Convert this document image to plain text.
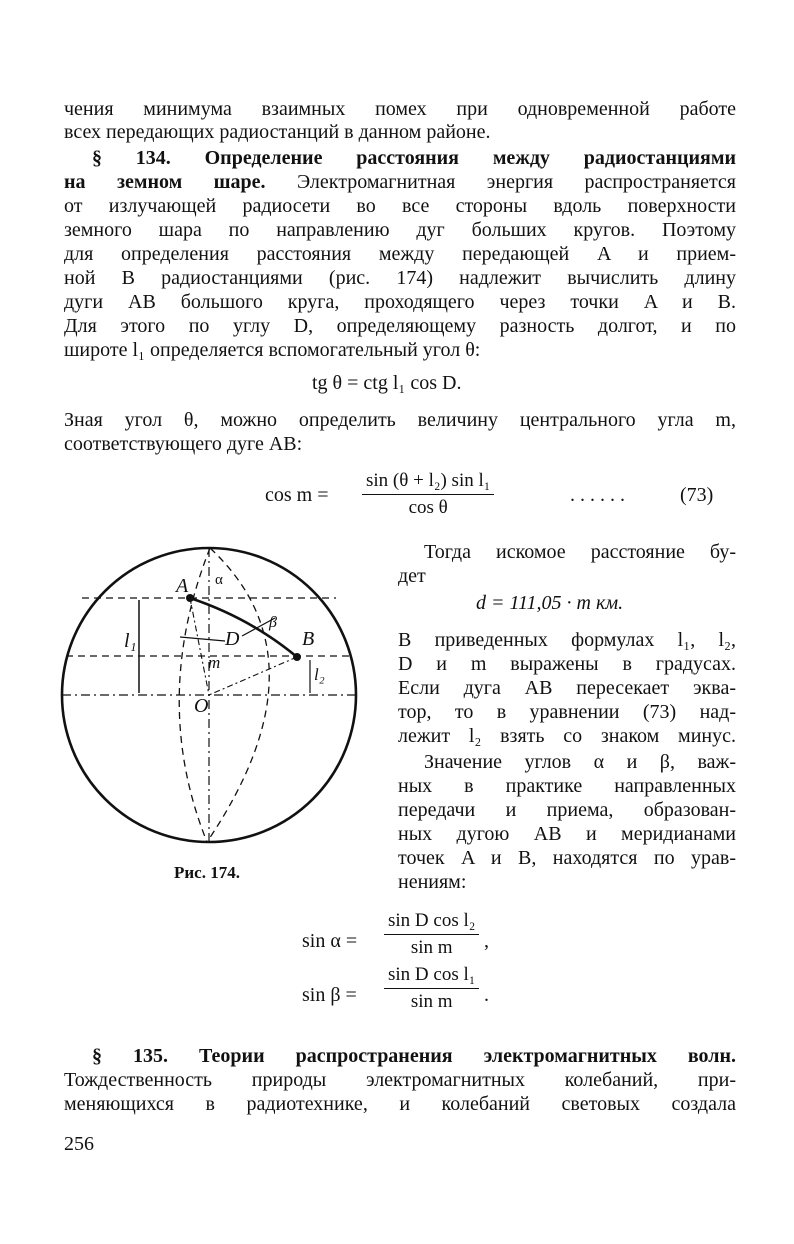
чения минимума взаимных помех при одновременной работе
всех передающих радиостанций в данном районе.
§ 134. Определение расстояния между радиостанциями
на земном шаре. Электромагнитная энергия распространяется
от излучающей радиосети во все стороны вдоль поверхности
земного шара по направлению дуг больших кругов. Поэтому
для определения расстояния между передающей A и прием-
ной B радиостанциями (рис. 174) надлежит вычислить длину
дуги AB большого круга, проходящего через точки A и B.
Для этого по углу D, определяющему разность долгот, и по
широте l₁ определяется вспомогательный угол θ:
tg θ = ctg l₁ cos D.
Зная угол θ, можно определить величину центрального угла m,
соответствующего дуге AB:
$\cos m = \frac{\text{sin (θ + l₂) sin l₁}}{\text{cos θ}}$	. . . . . .	(73)
A
B
D
O
m
α
β
l₁
l₂
Рис. 174.
Тогда искомое расстояние бу-
дет
d = 111,05 · m км.
В приведенных формулах l₁, l₂,
D и m выражены в градусах.
Если дуга AB пересекает эква-
тор, то в уравнении (73) над-
лежит l₂ взять со знаком минус.
Значение углов α и β, важ-
ных в практике направленных
передачи и приема, образован-
ных дугою AB и меридианами
точек A и B, находятся по урав-
нениям:
$\sin \alpha = \frac{\text{sin D cos l₂}}{\text{sin m}}$ ,
$\sin \beta = \frac{\text{sin D cos l₁}}{\text{sin m}}$ .
§ 135. Теории распространения электромагнитных волн.
Тождественность природы электромагнитных колебаний, при-
меняющихся в радиотехнике, и колебаний световых создала
256
